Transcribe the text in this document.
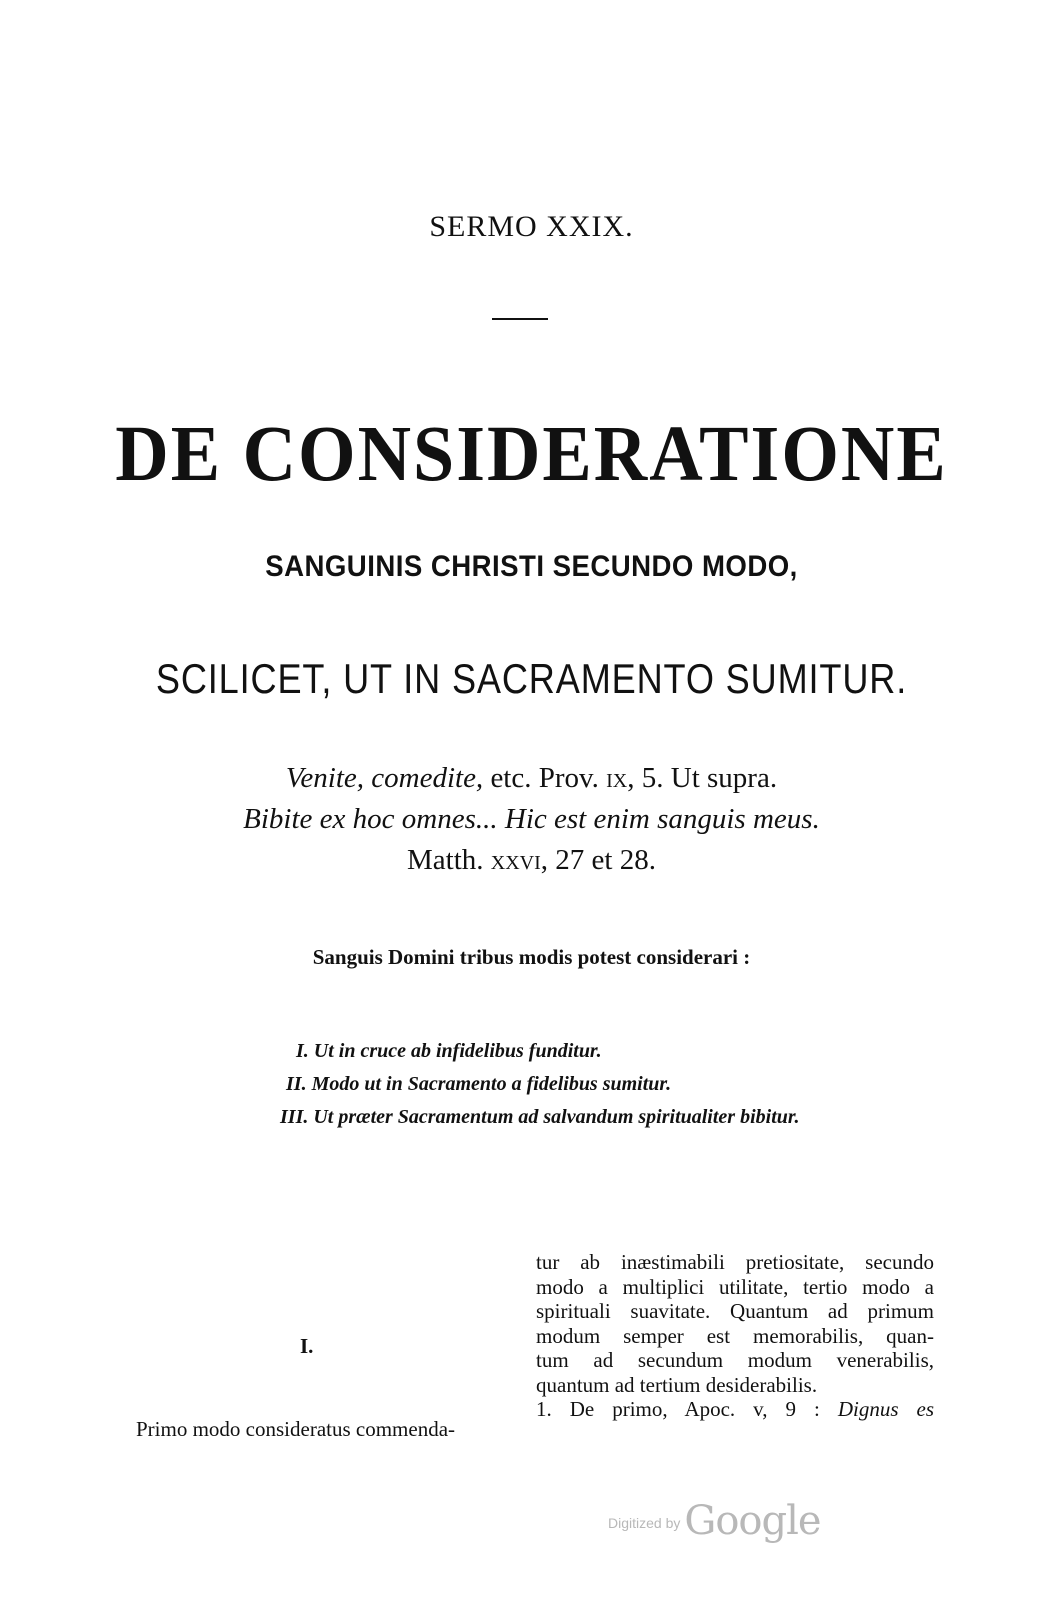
SERMO XXIX.
DE CONSIDERATIONE
SANGUINIS CHRISTI SECUNDO MODO,
SCILICET, UT IN SACRAMENTO SUMITUR.
Venite, comedite, etc. Prov. ix, 5. Ut supra.
Bibite ex hoc omnes... Hic est enim sanguis meus.
Matth. xxvi, 27 et 28.
Sanguis Domini tribus modis potest considerari :
I. Ut in cruce ab infidelibus funditur.
II. Modo ut in Sacramento a fidelibus sumitur.
III. Ut præter Sacramentum ad salvandum spiritualiter bibitur.
I.
Primo modo consideratus commenda-
tur ab inæstimabili pretiositate, secundo
modo a multiplici utilitate, tertio modo a
spirituali suavitate. Quantum ad primum
modum semper est memorabilis, quan-
tum ad secundum modum venerabilis,
quantum ad tertium desiderabilis.
1. De primo, Apoc. v, 9 : Dignus es
Digitized by Google
